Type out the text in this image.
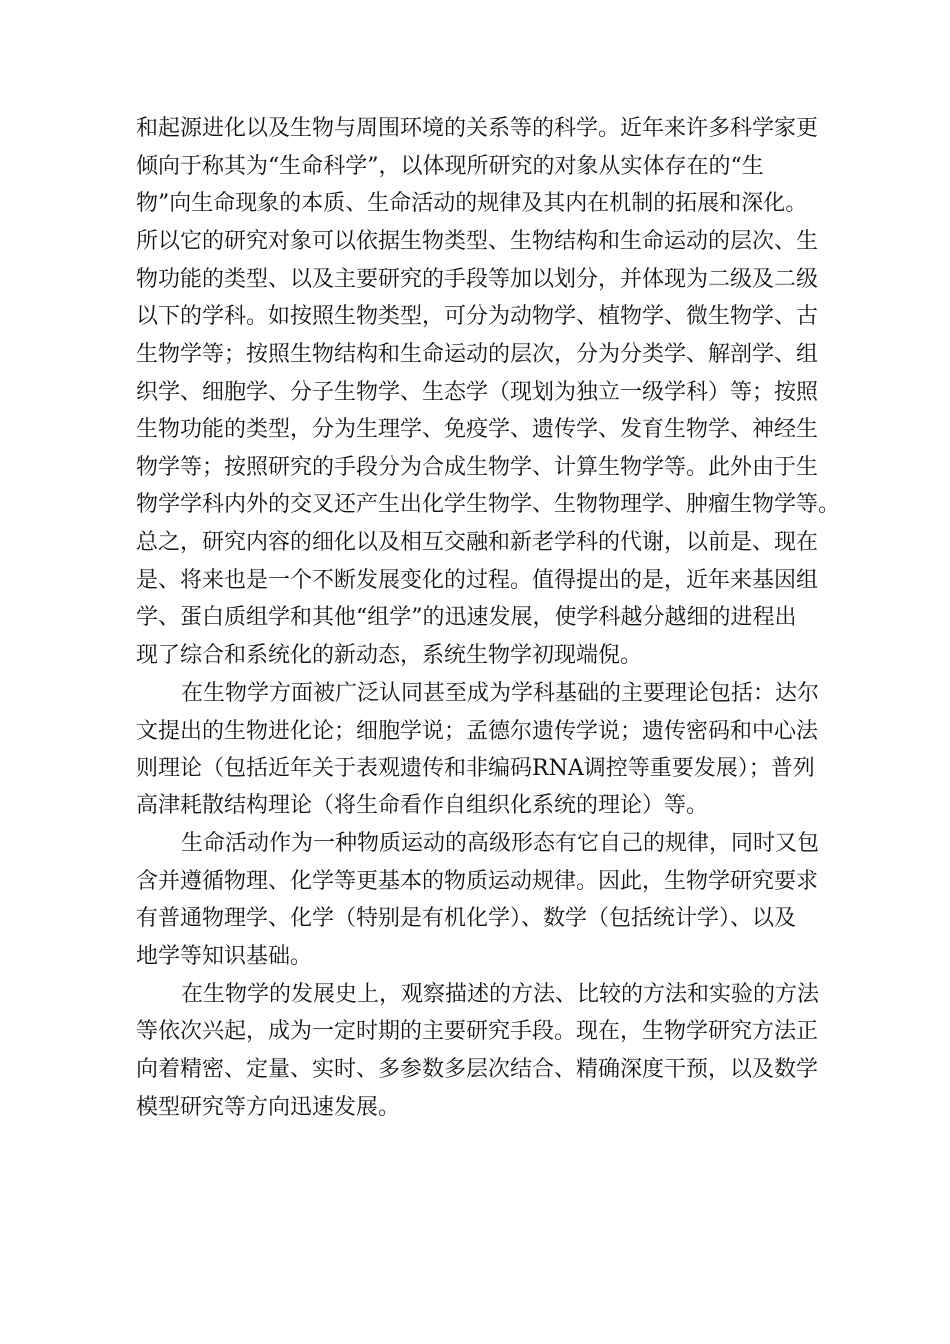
和起源进化以及生物与周围环境的关系等的科学。近年来许多科学家更

倾向于称其为“生命科学”，以体现所研究的对象从实体存在的“生

物”向生命现象的本质、生命活动的规律及其内在机制的拓展和深化。

所以它的研究对象可以依据生物类型、生物结构和生命运动的层次、生

物功能的类型、以及主要研究的手段等加以划分，并体现为二级及二级

以下的学科。如按照生物类型，可分为动物学、植物学、微生物学、古

生物学等；按照生物结构和生命运动的层次，分为分类学、解剖学、组

织学、细胞学、分子生物学、生态学（现划为独立一级学科）等；按照

生物功能的类型，分为生理学、免疫学、遗传学、发育生物学、神经生

物学等；按照研究的手段分为合成生物学、计算生物学等。此外由于生

物学学科内外的交叉还产生出化学生物学、生物物理学、肿瘤生物学等。

总之，研究内容的细化以及相互交融和新老学科的代谢，以前是、现在

是、将来也是一个不断发展变化的过程。值得提出的是，近年来基因组

学、蛋白质组学和其他“组学”的迅速发展，使学科越分越细的进程出

现了综合和系统化的新动态，系统生物学初现端倪。

在生物学方面被广泛认同甚至成为学科基础的主要理论包括：达尔

文提出的生物进化论；细胞学说；孟德尔遗传学说；遗传密码和中心法

则理论（包括近年关于表观遗传和非编码RNA调控等重要发展）；普列

高津耗散结构理论（将生命看作自组织化系统的理论）等。

生命活动作为一种物质运动的高级形态有它自己的规律，同时又包

含并遵循物理、化学等更基本的物质运动规律。因此，生物学研究要求

有普通物理学、化学（特别是有机化学）、数学（包括统计学）、以及

地学等知识基础。

在生物学的发展史上，观察描述的方法、比较的方法和实验的方法

等依次兴起，成为一定时期的主要研究手段。现在，生物学研究方法正

向着精密、定量、实时、多参数多层次结合、精确深度干预，以及数学

模型研究等方向迅速发展。
